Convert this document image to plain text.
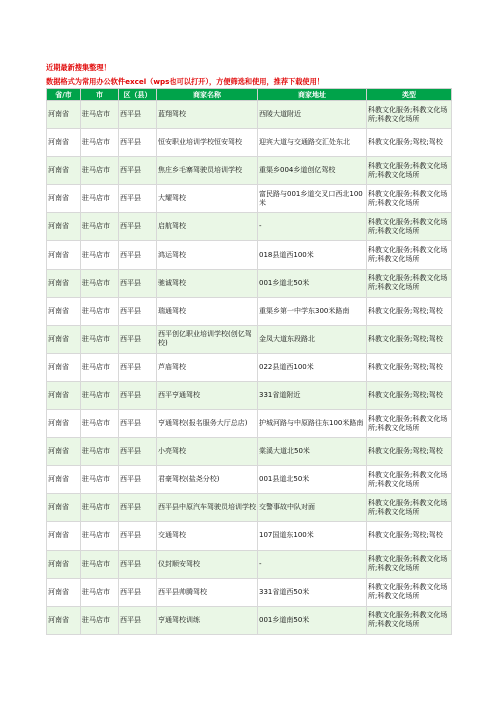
近期最新搜集整理！
数据格式为常用办公软件excel（wps也可以打开），方便筛选和使用，推荐下载使用！
省/市	市	区（县）	商家名称	商家地址	类型
河南省	驻马店市	西平县	蓝翔驾校	西陵大道附近	科教文化服务;科教文化场所;科教文化场所
河南省	驻马店市	西平县	恒安职业培训学校恒安驾校	迎宾大道与交通路交汇处东北	科教文化服务;驾校;驾校
河南省	驻马店市	西平县	焦庄乡毛寨驾驶员培训学校	重渠乡004乡道创亿驾校	科教文化服务;科教文化场所;科教文化场所
河南省	驻马店市	西平县	大耀驾校	富民路与001乡道交叉口西北100米	科教文化服务;科教文化场所;科教文化场所
河南省	驻马店市	西平县	启航驾校	-	科教文化服务;科教文化场所;科教文化场所
河南省	驻马店市	西平县	鸿运驾校	018县道西100米	科教文化服务;科教文化场所;科教文化场所
河南省	驻马店市	西平县	驰诚驾校	001乡道北50米	科教文化服务;科教文化场所;科教文化场所
河南省	驻马店市	西平县	瑞通驾校	重渠乡第一中学东300米路南	科教文化服务;驾校;驾校
河南省	驻马店市	西平县	西平创亿职业培训学校(创亿驾校)	金凤大道东段路北	科教文化服务;驾校;驾校
河南省	驻马店市	西平县	芦庙驾校	022县道西100米	科教文化服务;驾校;驾校
河南省	驻马店市	西平县	西平亨通驾校	331省道附近	科教文化服务;驾校;驾校
河南省	驻马店市	西平县	亨通驾校(报名服务大厅总店)	护城河路与中原路往东100米路南	科教文化服务;科教文化场所;科教文化场所
河南省	驻马店市	西平县	小亮驾校	棠溪大道北50米	科教文化服务;驾校;驾校
河南省	驻马店市	西平县	君豪驾校(盐尧分校)	001县道北50米	科教文化服务;科教文化场所;科教文化场所
河南省	驻马店市	西平县	西平县中原汽车驾驶员培训学校	交警事故中队对面	科教文化服务;科教文化场所;科教文化场所
河南省	驻马店市	西平县	交通驾校	107国道东100米	科教文化服务;驾校;驾校
河南省	驻马店市	西平县	仪封顺安驾校	-	科教文化服务;科教文化场所;科教文化场所
河南省	驻马店市	西平县	西平县帅腾驾校	331省道西50米	科教文化服务;科教文化场所;科教文化场所
河南省	驻马店市	西平县	亨通驾校训练	001乡道南50米	科教文化服务;科教文化场所;科教文化场所
